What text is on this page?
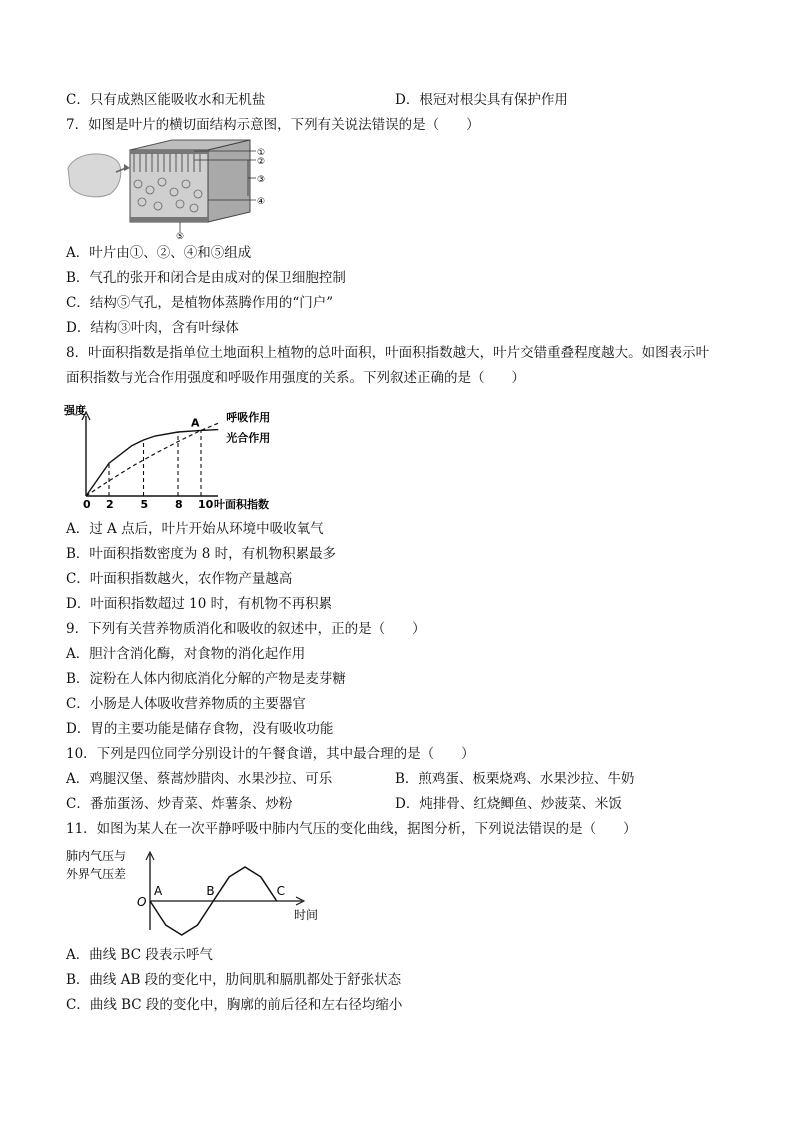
C．只有成熟区能吸收水和无机盐	D．根冠对根尖具有保护作用
7．如图是叶片的横切面结构示意图，下列有关说法错误的是（　　）
①
②
③
④
⑤
A．叶片由①、②、④和⑤组成
B．气孔的张开和闭合是由成对的保卫细胞控制
C．结构⑤气孔，是植物体蒸腾作用的“门户”
D．结构③叶肉，含有叶绿体
8．叶面积指数是指单位土地面积上植物的总叶面积，叶面积指数越大，叶片交错重叠程度越大。如图表示叶
面积指数与光合作用强度和呼吸作用强度的关系。下列叙述正确的是（　　）
强度
叶面积指数
0 2 5 8 10
A 呼吸作用
光合作用
A．过 A 点后，叶片开始从环境中吸收氧气
B．叶面积指数密度为 8 时，有机物积累最多
C．叶面积指数越火，农作物产量越高
D．叶面积指数超过 10 时，有机物不再积累
9．下列有关营养物质消化和吸收的叙述中，正的是（　　）
A．胆汁含消化酶，对食物的消化起作用
B．淀粉在人体内彻底消化分解的产物是麦芽糖
C．小肠是人体吸收营养物质的主要器官
D．胃的主要功能是储存食物，没有吸收功能
10．下列是四位同学分别设计的午餐食谱，其中最合理的是（　　）
A．鸡腿汉堡、蔡蒿炒腊肉、水果沙拉、可乐	B．煎鸡蛋、板栗烧鸡、水果沙拉、牛奶
C．番茄蛋汤、炒青菜、炸薯条、炒粉	D．炖排骨、红烧鲫鱼、炒菠菜、米饭
11．如图为某人在一次平静呼吸中肺内气压的变化曲线，据图分析，下列说法错误的是（　　）
肺内气压与
外界气压差
O
时间
A	B	C
A．曲线 BC 段表示呼气
B．曲线 AB 段的变化中，肋间肌和膈肌都处于舒张状态
C．曲线 BC 段的变化中，胸廓的前后径和左右径均缩小
